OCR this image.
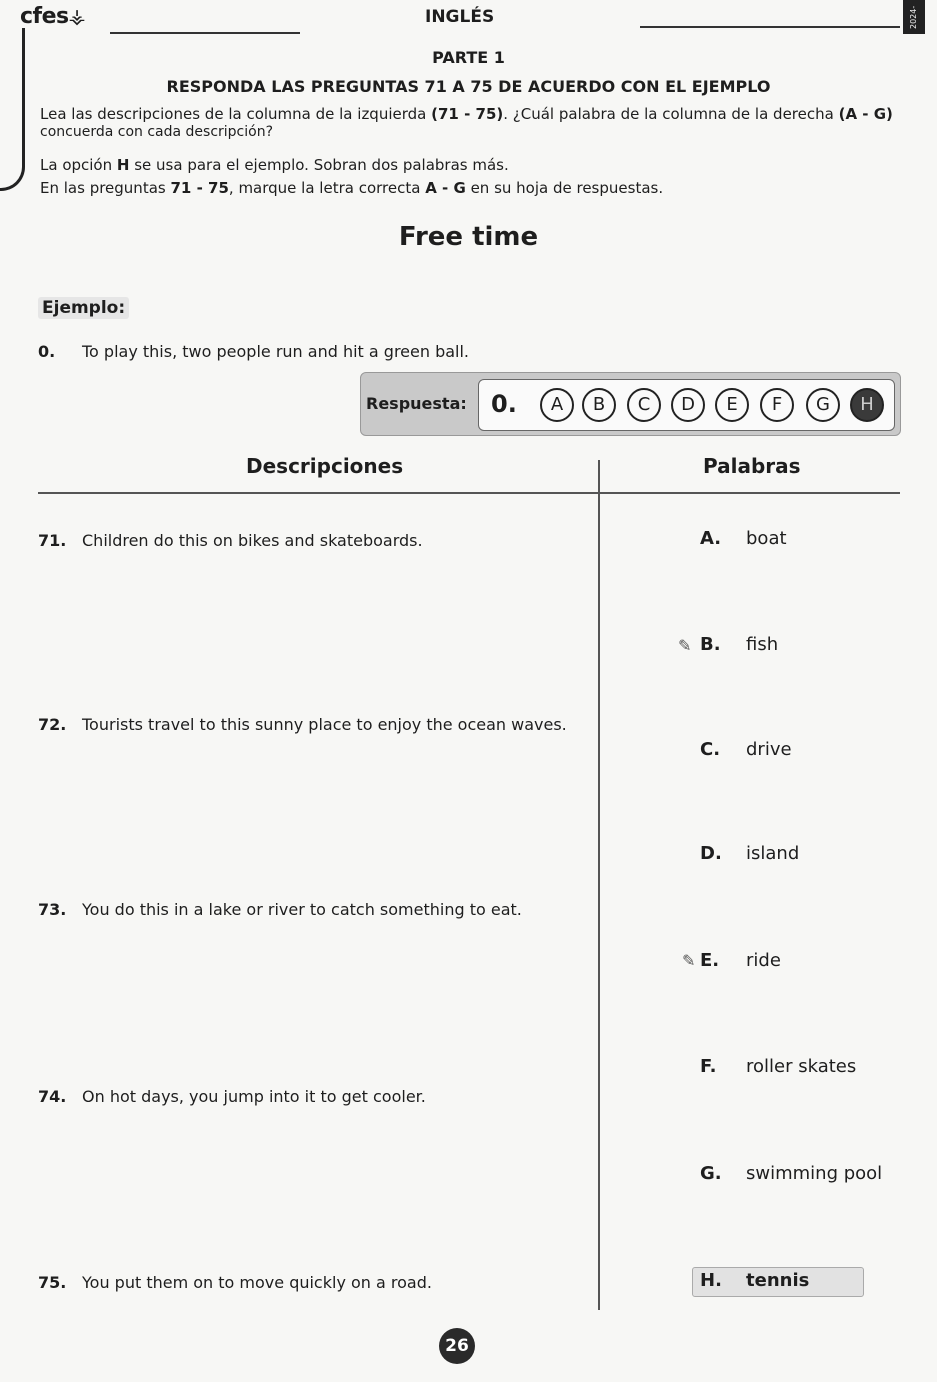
cfes⚶	INGLÉS	2024-
PARTE 1
RESPONDA LAS PREGUNTAS 71 A 75 DE ACUERDO CON EL EJEMPLO
Lea las descripciones de la columna de la izquierda (71 - 75). ¿Cuál palabra de la columna de la derecha (A - G)
concuerda con cada descripción?
La opción H se usa para el ejemplo. Sobran dos palabras más.
En las preguntas 71 - 75, marque la letra correcta A - G en su hoja de respuestas.
Free time
Ejemplo:
0. To play this, two people run and hit a green ball.
Respuesta: 0.	A	B	C	D	E	F	G	H
Descripciones	Palabras
71. Children do this on bikes and skateboards.
72. Tourists travel to this sunny place to enjoy the ocean waves.
73. You do this in a lake or river to catch something to eat.
74. On hot days, you jump into it to get cooler.
75. You put them on to move quickly on a road.
A. boat
✎ B. fish
C. drive
D. island
✎ E. ride
F. roller skates
G. swimming pool
H. tennis
26
